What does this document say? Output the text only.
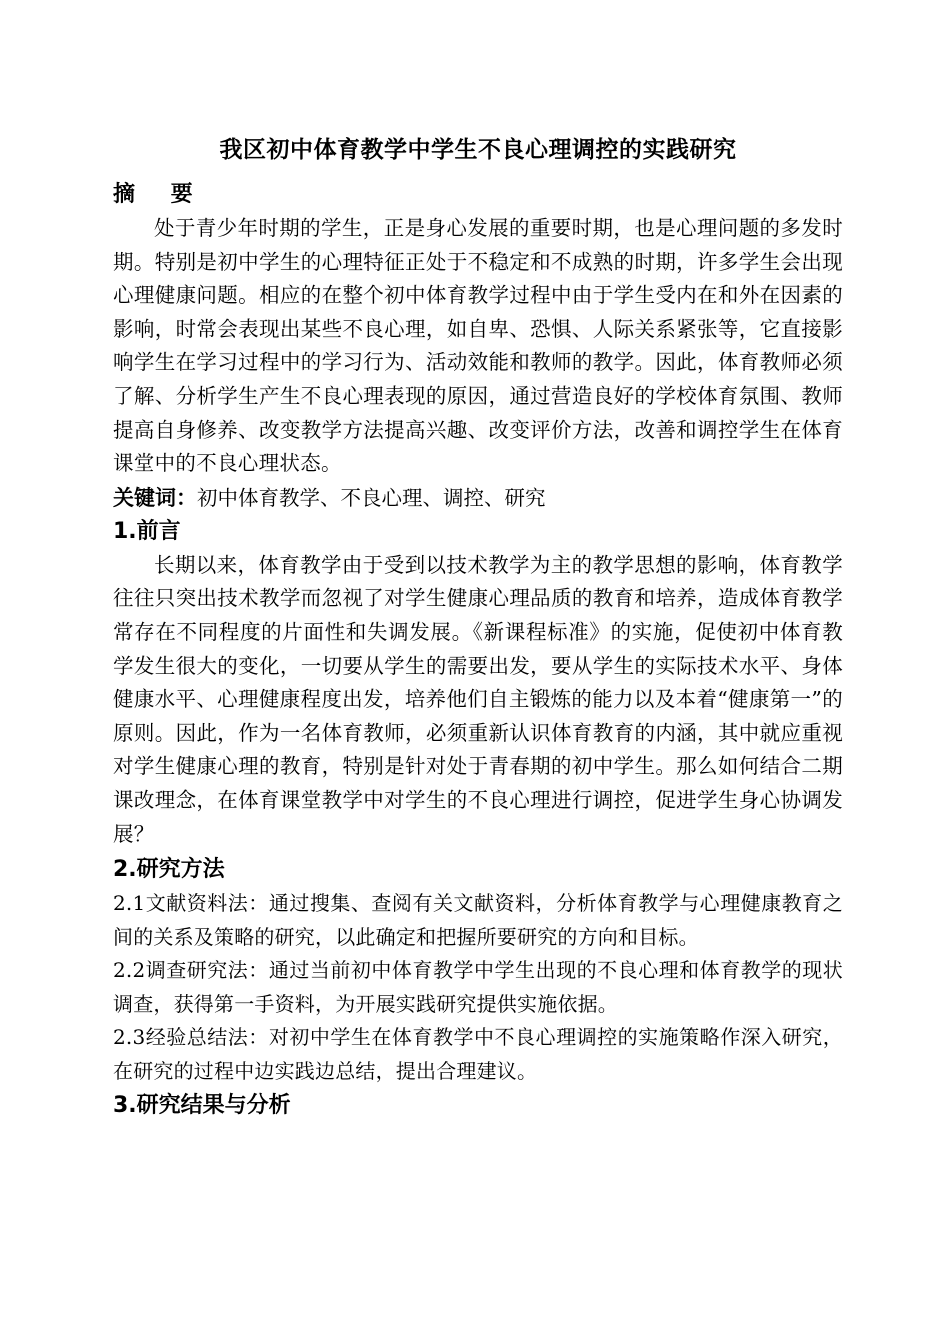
我区初中体育教学中学生不良心理调控的实践研究
摘 要

处于青少年时期的学生，正是身心发展的重要时期，也是心理问题的多发时期。特别是初中学生的心理特征正处于不稳定和不成熟的时期，许多学生会出现心理健康问题。相应的在整个初中体育教学过程中由于学生受内在和外在因素的影响，时常会表现出某些不良心理，如自卑、恐惧、人际关系紧张等，它直接影响学生在学习过程中的学习行为、活动效能和教师的教学。因此，体育教师必须了解、分析学生产生不良心理表现的原因，通过营造良好的学校体育氛围、教师提高自身修养、改变教学方法提高兴趣、改变评价方法，改善和调控学生在体育课堂中的不良心理状态。

关键词：初中体育教学、不良心理、调控、研究

1.前言

长期以来，体育教学由于受到以技术教学为主的教学思想的影响，体育教学往往只突出技术教学而忽视了对学生健康心理品质的教育和培养，造成体育教学常存在不同程度的片面性和失调发展。《新课程标准》的实施，促使初中体育教学发生很大的变化，一切要从学生的需要出发，要从学生的实际技术水平、身体健康水平、心理健康程度出发，培养他们自主锻炼的能力以及本着“健康第一”的原则。因此，作为一名体育教师，必须重新认识体育教育的内涵，其中就应重视对学生健康心理的教育，特别是针对处于青春期的初中学生。那么如何结合二期课改理念，在体育课堂教学中对学生的不良心理进行调控，促进学生身心协调发展？

2.研究方法

2.1文献资料法：通过搜集、查阅有关文献资料，分析体育教学与心理健康教育之间的关系及策略的研究，以此确定和把握所要研究的方向和目标。

2.2调查研究法：通过当前初中体育教学中学生出现的不良心理和体育教学的现状调查，获得第一手资料，为开展实践研究提供实施依据。

2.3经验总结法：对初中学生在体育教学中不良心理调控的实施策略作深入研究，在研究的过程中边实践边总结，提出合理建议。

3.研究结果与分析
